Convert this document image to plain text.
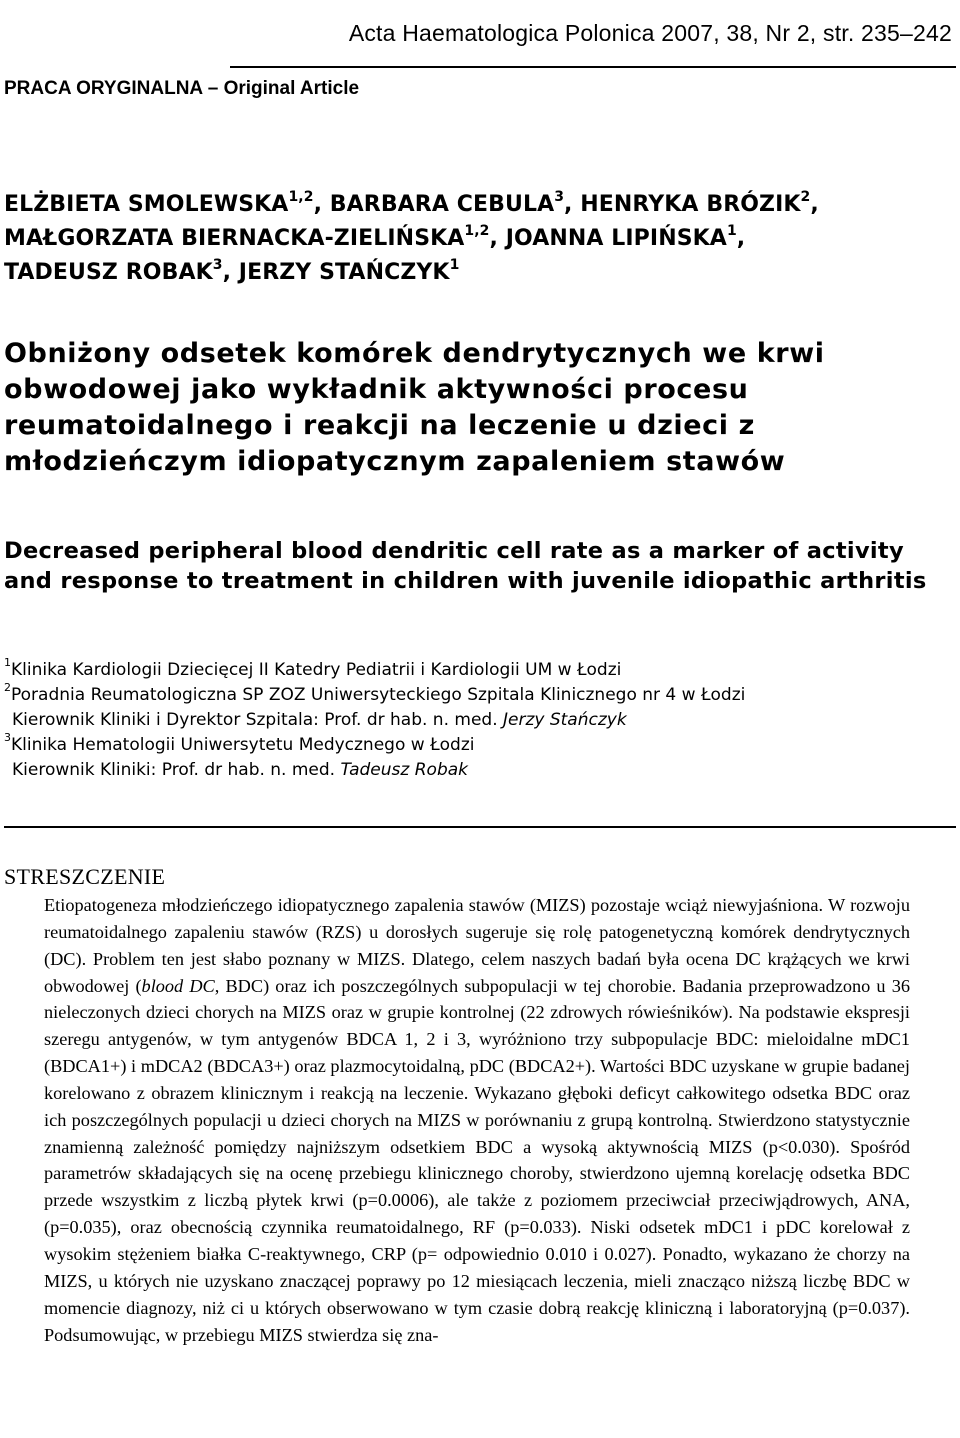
Acta Haematologica Polonica 2007, 38, Nr 2, str. 235–242
PRACA ORYGINALNA – Original Article
ELŻBIETA SMOLEWSKA$^{1,2}$, BARBARA CEBULA$^3$, HENRYKA BRÓZIK$^2$,
MAŁGORZATA BIERNACKA-ZIELIŃSKA$^{1,2}$, JOANNA LIPIŃSKA$^1$,
TADEUSZ ROBAK$^3$, JERZY STAŃCZYK$^1$
Obniżony odsetek komórek dendrytycznych we krwi obwodowej jako wykładnik aktywności procesu reumatoidalnego i reakcji na leczenie u dzieci z młodzieńczym idiopatycznym zapaleniem stawów
Decreased peripheral blood dendritic cell rate as a marker of activity and response to treatment in children with juvenile idiopathic arthritis
$^1$Klinika Kardiologii Dziecięcej II Katedry Pediatrii i Kardiologii UM w Łodzi
$^2$Poradnia Reumatologiczna SP ZOZ Uniwersyteckiego Szpitala Klinicznego nr 4 w Łodzi
Kierownik Kliniki i Dyrektor Szpitala: Prof. dr hab. n. med. Jerzy Stańczyk
$^3$Klinika Hematologii Uniwersytetu Medycznego w Łodzi
Kierownik Kliniki: Prof. dr hab. n. med. Tadeusz Robak
STRESZCZENIE

Etiopatogeneza młodzieńczego idiopatycznego zapalenia stawów (MIZS) pozostaje wciąż niewyjaśniona. W rozwoju reumatoidalnego zapaleniu stawów (RZS) u dorosłych sugeruje się rolę patogenetyczną komórek dendrytycznych (DC). Problem ten jest słabo poznany w MIZS. Dlatego, celem naszych badań była ocena DC krążących we krwi obwodowej (blood DC, BDC) oraz ich poszczególnych subpopulacji w tej chorobie. Badania przeprowadzono u 36 nieleczonych dzieci chorych na MIZS oraz w grupie kontrolnej (22 zdrowych rówieśników). Na podstawie ekspresji szeregu antygenów, w tym antygenów BDCA 1, 2 i 3, wyróżniono trzy subpopulacje BDC: mieloidalne mDC1 (BDCA1+) i mDCA2 (BDCA3+) oraz plazmocytoidalną, pDC (BDCA2+). Wartości BDC uzyskane w grupie badanej korelowano z obrazem klinicznym i reakcją na leczenie. Wykazano głęboki deficyt całkowitego odsetka BDC oraz ich poszczególnych populacji u dzieci chorych na MIZS w porównaniu z grupą kontrolną. Stwierdzono statystycznie znamienną zależność pomiędzy najniższym odsetkiem BDC a wysoką aktywnością MIZS (p<0.030). Spośród parametrów składających się na ocenę przebiegu klinicznego choroby, stwierdzono ujemną korelację odsetka BDC przede wszystkim z liczbą płytek krwi (p=0.0006), ale także z poziomem przeciwciał przeciwjądrowych, ANA, (p=0.035), oraz obecnością czynnika reumatoidalnego, RF (p=0.033). Niski odsetek mDC1 i pDC korelował z wysokim stężeniem białka C-reaktywnego, CRP (p= odpowiednio 0.010 i 0.027). Ponadto, wykazano że chorzy na MIZS, u których nie uzyskano znaczącej poprawy po 12 miesiącach leczenia, mieli znacząco niższą liczbę BDC w momencie diagnozy, niż ci u których obserwowano w tym czasie dobrą reakcję kliniczną i laboratoryjną (p=0.037). Podsumowując, w przebiegu MIZS stwierdza się zna-
